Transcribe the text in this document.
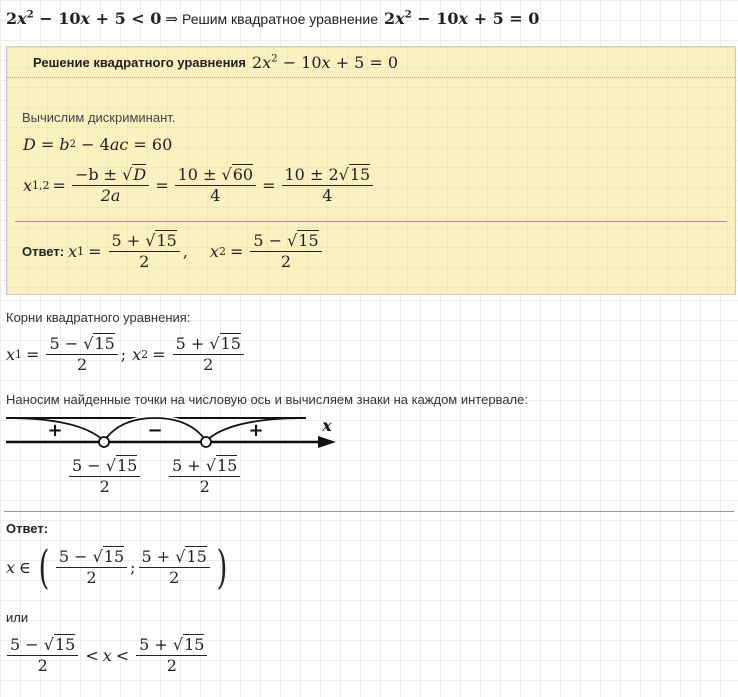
$2x^2 - 10x + 5 < 0$ ⇒ Решим квадратное уравнение $2x^2 - 10x + 5 = 0$
Решение квадратного уравнения $2x^2 - 10x + 5 = 0$
Вычислим дискриминант.
D
=
b 2
− 4 ac
= 60
x $1,2 = \frac{-b \pm √D}{2a} = \frac{10 \pm √60}{4} = \frac{10 \pm 2√15}{4}$
Ответ: x $1 = \frac{5 + √15}{2}$ , x $2 = \frac{5 - √15}{2}$
Корни квадратного уравнения:
x $1 = \frac{5 - √15}{2}$ ; x $2 = \frac{5 + √15}{2}$
Наносим найденные точки на числовую ось и вычисляем знаки на каждом интервале:
+	−	+	x
$\frac{5 - √15}{2} \frac{5 + √15}{2}$
Ответ:
x ∈ ( $\frac{5 - √15}{2}$ ; $\frac{5 + √15}{2}$ )
или
$\frac{5 - √15}{2} < x < \frac{5 + √15}{2}$
